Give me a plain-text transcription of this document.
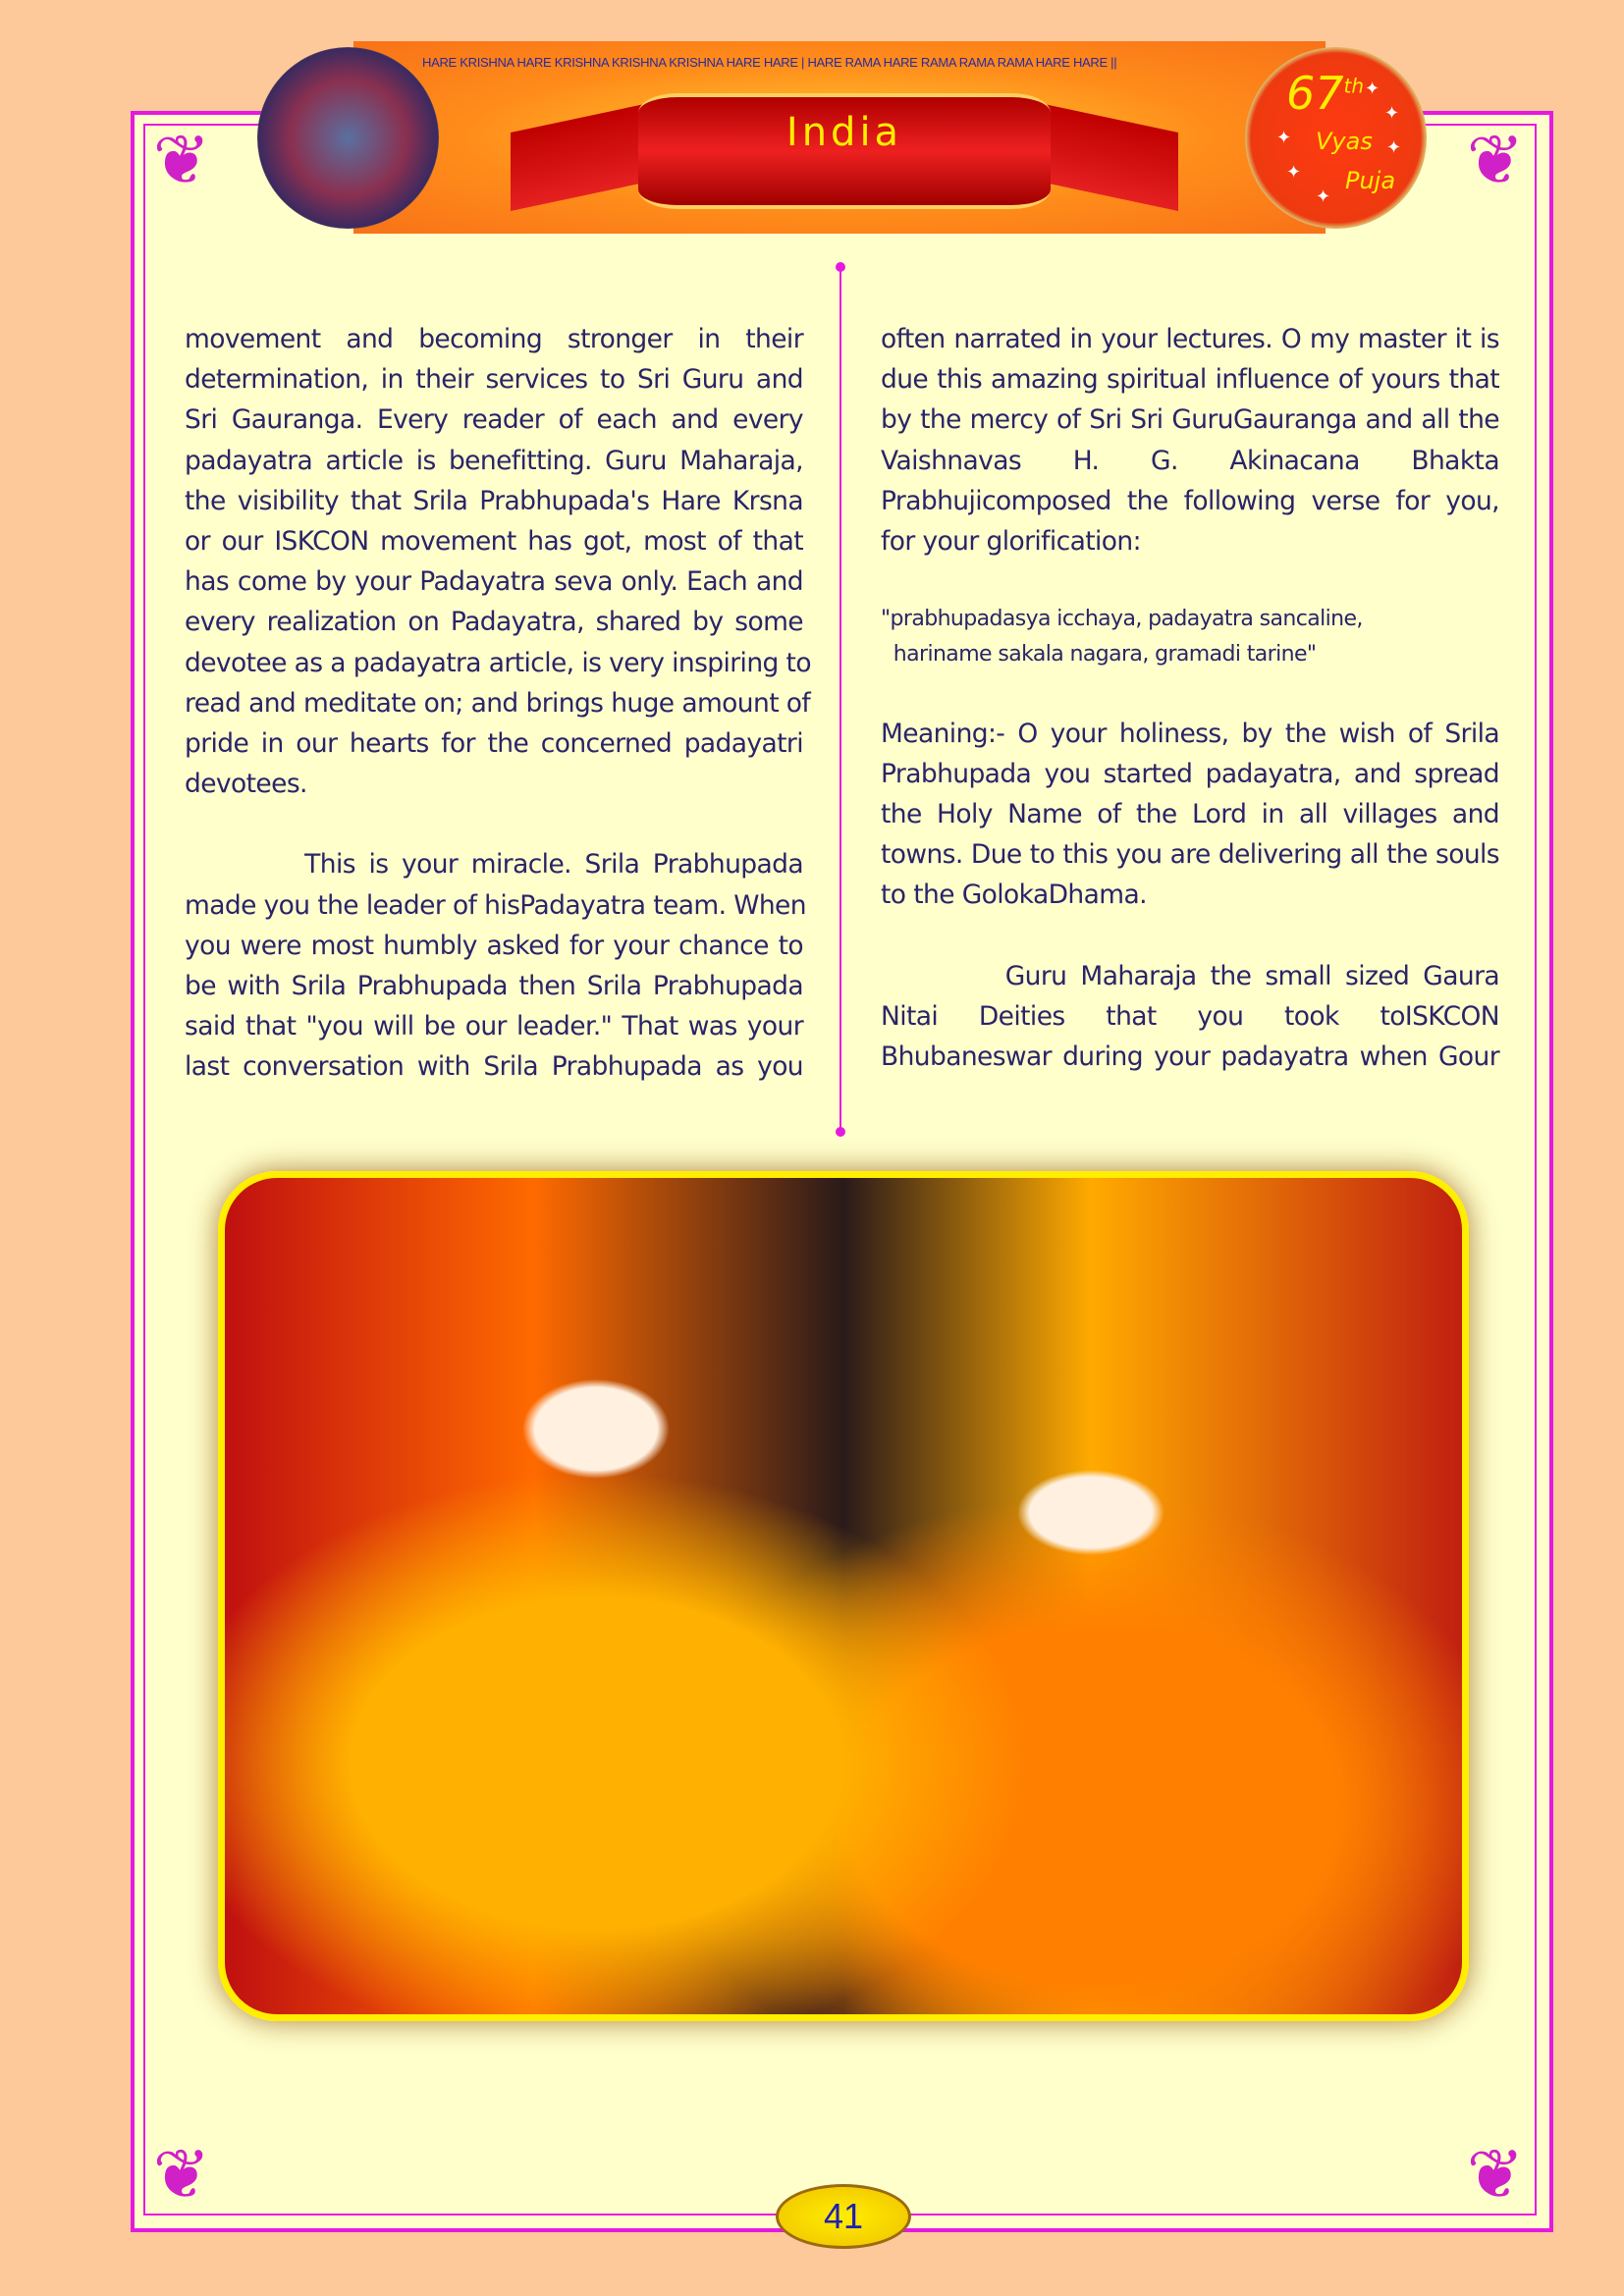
❦	❦
❦	❦
HARE KRISHNA HARE KRISHNA KRISHNA KRISHNA HARE HARE | HARE RAMA HARE RAMA RAMA RAMA HARE HARE ||
India
67th
Vyas
Puja
✦
✦
✦	✦
✦
✦
movement and becoming stronger in their
determination, in their services to Sri Guru and
Sri Gauranga. Every reader of each and every
padayatra article is benefitting. Guru Maharaja,
the visibility that Srila Prabhupada's Hare Krsna
or our ISKCON movement has got, most of that
has come by your Padayatra seva only. Each and
every realization on Padayatra, shared by some
devotee as a padayatra article, is very inspiring to
read and meditate on; and brings huge amount of
pride in our hearts for the concerned padayatri
devotees.
This is your miracle. Srila Prabhupada
made you the leader of hisPadayatra team. When
you were most humbly asked for your chance to
be with Srila Prabhupada then Srila Prabhupada
said that "you will be our leader." That was your
last conversation with Srila Prabhupada as you
often narrated in your lectures. O my master it is
due this amazing spiritual influence of yours that
by the mercy of Sri Sri GuruGauranga and all the
Vaishnavas H. G. Akinacana Bhakta
Prabhujicomposed the following verse for you,
for your glorification:
"prabhupadasya icchaya, padayatra sancaline,
hariname sakala nagara, gramadi tarine"
Meaning:- O your holiness, by the wish of Srila
Prabhupada you started padayatra, and spread
the Holy Name of the Lord in all villages and
towns. Due to this you are delivering all the souls
to the GolokaDhama.
Guru Maharaja the small sized Gaura
Nitai Deities that you took toISKCON
Bhubaneswar during your padayatra when Gour
41
